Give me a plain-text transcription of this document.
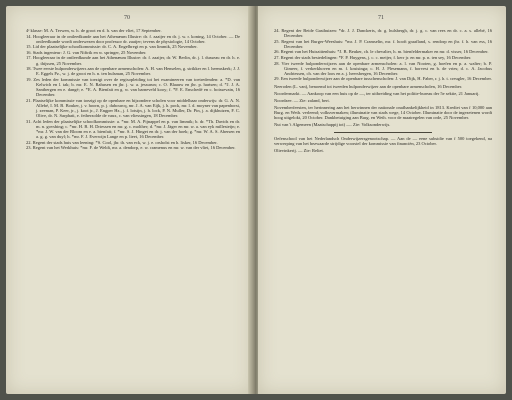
70

4ᵉ klasse: M. A. Terwen, w. h. de groot en d. h. van der vliet, 17 September.

14. Hoogleeraar in de ontleedkunde aan het Athenæum Illustre: dr. f. zaaijer en dr. j. w. r. koning, 14 October. — De ontleedkunde wordt onderwezen door professor dr. zaaijer; tevens de physiologie, 14 October.

15. Lid der plaatselijke schoolkommissie: dr. C. A. Engelbregt en p. van limmik, 25 November.

16. Stads ingenieur: J. G. van Niftrik en w. springer, 25 November.

17. Hoogleeraar in de ontleedkunde aan het Athenæum Illustre: dr. f. zaaijer, dr. W. Berlin, dr. j. l. dusseau en dr. h. e. g. thijssen, 25 November.

18. Twee eerste hulponderwijzers aan de openbare armenscholen: A. H. van Henselen, g. strikker en l. heemskerk; J. J. E. Eggels Pz., w. j. de groot en h. n. ten hulsman, 25 November.

19. Zes leden der kommissie van toezigt over de regtsopleiding tot het examineeren van toetredenden: a. *D. van Kelwich en l. tak; b. mr. E. N. Rahusen en jhr. j. w. a. jessurun; c. O. Blaauw en jhr. p. hartsen; d. *J. J. A. Santbergen en e. dangé; e. *E. A. Bienfait en g. w. van barneveld kooy; f. *F. E. Enschedé en c. boissevain, 16 December.

21. Plaatselijke kommissie van toezigt op de openbare en bijzondere scholen voor middelbaar onderwijs: dr. G. A. N. Allebé, I. M. B. Bouker, j. v. hoorn, p. j. dubourcq, mr. J. A. van Eijk, j. h. pock, mr. l. d. moyner van papenhorst, j. zeeman, P. Keer, jr., j. koot jr., J. Engper Hz., j. f. lotsijn, j. h. lock, P. N. Muller, Dr. Pin, j. a. dijkhuizen, F. C. Olive, dr. N. Sarphati, e. fetherzolde de vaux, c. van vliessingen, 18 December.

31. Acht leden der plaatselijke schoolkommissie: a. *mr. M. A. Pijnappel en p. van limmik; b. dr. *Th. Davids en dr. m. n. govsbing; c. *mr. H. B. H. Driessen en mr. g. c. molther; d. *mr. J. Jäger en mr. w. a. van eyk millesteijn; e. *mr. J. W. van der Bloom en e. a. bienfait; f. *mr. S. J. Hinget en dr. j. van der hoek; g. *mr. W. A. S. Abersen en a. g. g. van duyl; h. *mr. F. J. Everwijn Lange en p. lieet, 16 December.

22. Regent der stads huis van leening: *S. Cool, jhr. th. van eck, w. j. e. orsholst en h. lisker, 16 December.

23. Regent van het Werkhuis: *mr. F. de Weldt, mr. a. dendorp, e. w. cramenus en mr. w. van der vliet, 16 December.

71

24. Regent der Beide Gasthuizen: *dr. J. J. Danckerts, dr. g. hulsbergh, dr. j. g. c. van rees en dr. c. a. s. allebé, 16 December.

25. Regent van het Burger-Weeshuis: *mr. J. P. Cramselin, mr. f. hooft graafland, s. rendorp en jhr. f. h. van ess, 16 December.

26. Regent van het Huiszittenhuis: *J. B. Beuker, ch. le chevalier, h. m. bienfeldermaker en mr. d. visser, 16 December.

27. Regent der stads bestedelingen: *F. P. Huygens, j. c. c. meijer, f. kerr jr. en mr. p. n. ten sey, 16 December.

28. Vier tweede hulponderwijzers aan de openbare armenscholen: a. l. van Nooten, g. hoefen en p. a. walter; b. P. Gimeer, f. verkerkhoven en m. f. kruisinga; c. H. J. Plesemann, f. borvest en b. de vries; d. c. A. Jacobus Andriessen, ch. van der loos en a. j. heersbergen, 16 December.

29. Een tweede hulponderwijzer aan de openbare tusschenscholen: J. van Dijk, H. Faber, r. j. h. t. creugler, 16 December.

Neeroden (L. van), benoemd tot tweeden hulponderwijzer aan de openbare armenscholen, 16 December.

Noordermarkt. — Aankoop van een huis op de —, ter uitbreiding van het politie-bureau der 5e sektie, 21 Januarij.

Noordzee. — Zie: zaland, bert.

Novemberfeesten, ter herinnering aan het herwinnen der nationale onafhankelijkheid in 1813. Krediet van f 10,000 aan Burg. en Weth. verleend; volksvermaken; illuminatie van stads wege, 14 October. Illuminatie door de ingezetenen wordt hoog uitgelokt, 20 October. Dankbetuiging aan Burg. en Weth. voor de maatregelen van orde, 25 November.

Nut van 't Algemeen (Maatschappij tot) —. Zie: Volksonderwijs.

Oefenschool van het Nederlandsch Onderwijzersgenootschap. — Aan de — eene subsidie van f 500 toegekend, na verwerping van het bezwaarde strijdige voorstel der kommissie van financiën, 23 October.

Olievinkerij. — Zie: Reliet.
